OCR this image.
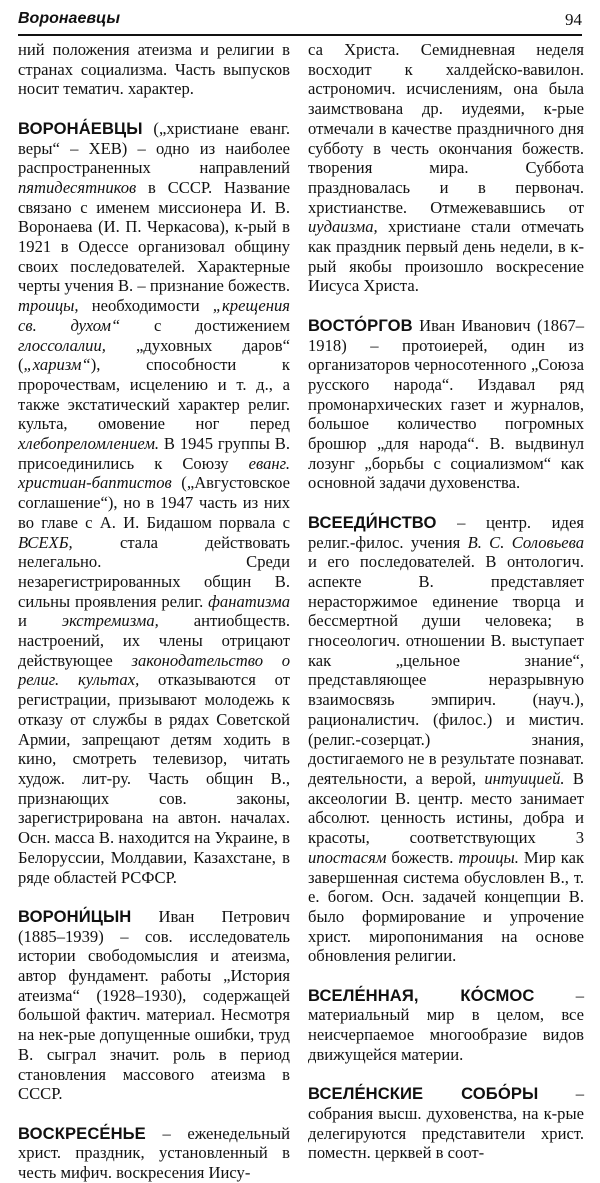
Воронаевцы	94

ний положения атеизма и религии в странах социализма. Часть выпусков носит тематич. характер.

ВОРОНА́ЕВЦЫ („христиане еванг. веры“ – ХЕВ) – одно из наиболее распространенных направлений пятидесятников в СССР. Название связано с именем миссионера И. В. Воронаева (И. П. Черкасова), к-рый в 1921 в Одессе организовал общину своих последователей. Характерные черты учения В. – признание божеств. троицы, необходимости „крещения св. духом“ с достижением глоссолалии, „духовных даров“ („харизм“), способности к пророчествам, исцелению и т. д., а также экстатический характер религ. культа, омовение ног перед хлебопреломлением. В 1945 группы В. присоединились к Союзу еванг. христиан-баптистов („Августовское соглашение“), но в 1947 часть из них во главе с А. И. Бидашом порвала с ВСЕХБ, стала действовать нелегально. Среди незарегистрированных общин В. сильны проявления религ. фанатизма и экстремизма, антиобществ. настроений, их члены отрицают действующее законодательство о религ. культах, отказываются от регистрации, призывают молодежь к отказу от службы в рядах Советской Армии, запрещают детям ходить в кино, смотреть телевизор, читать худож. лит-ру. Часть общин В., признающих сов. законы, зарегистрирована на автон. началах. Осн. масса В. находится на Украине, в Белоруссии, Молдавии, Казахстане, в ряде областей РСФСР.

ВОРОНИ́ЦЫН Иван Петрович (1885–1939) – сов. исследователь истории свободомыслия и атеизма, автор фундамент. работы „История атеизма“ (1928–1930), содержащей большой фактич. материал. Несмотря на нек-рые допущенные ошибки, труд В. сыграл значит. роль в период становления массового атеизма в СССР.

ВОСКРЕСЕ́НЬЕ – еженедельный христ. праздник, установленный в честь мифич. воскресения Иису-

са Христа. Семидневная неделя восходит к халдейско-вавилон. астрономич. исчислениям, она была заимствована др. иудеями, к-рые отмечали в качестве праздничного дня субботу в честь окончания божеств. творения мира. Суббота праздновалась и в первонач. христианстве. Отмежевавшись от иудаизма, христиане стали отмечать как праздник первый день недели, в к-рый якобы произошло воскресение Иисуса Христа.

ВОСТО́РГОВ Иван Иванович (1867–1918) – протоиерей, один из организаторов черносотенного „Союза русского народа“. Издавал ряд промонархических газет и журналов, большое количество погромных брошюр „для народа“. В. выдвинул лозунг „борьбы с социализмом“ как основной задачи духовенства.

ВСЕЕДИ́НСТВО – центр. идея религ.-филос. учения В. С. Соловьева и его последователей. В онтологич. аспекте В. представляет нерасторжимое единение творца и бессмертной души человека; в гносеологич. отношении В. выступает как „цельное знание“, представляющее неразрывную взаимосвязь эмпирич. (науч.), рационалистич. (филос.) и мистич. (религ.-созерцат.) знания, достигаемого не в результате познават. деятельности, а верой, интуицией. В аксеологии В. центр. место занимает абсолют. ценность истины, добра и красоты, соответствующих 3 ипостасям божеств. троицы. Мир как завершенная система обусловлен В., т. е. богом. Осн. задачей концепции В. было формирование и упрочение христ. миропонимания на основе обновления религии.

ВСЕЛЕ́ННАЯ, КО́СМОС – материальный мир в целом, все неисчерпаемое многообразие видов движущейся материи.

ВСЕЛЕ́НСКИЕ СОБО́РЫ – собрания высш. духовенства, на к-рые делегируются представители христ. поместн. церквей в соот-
